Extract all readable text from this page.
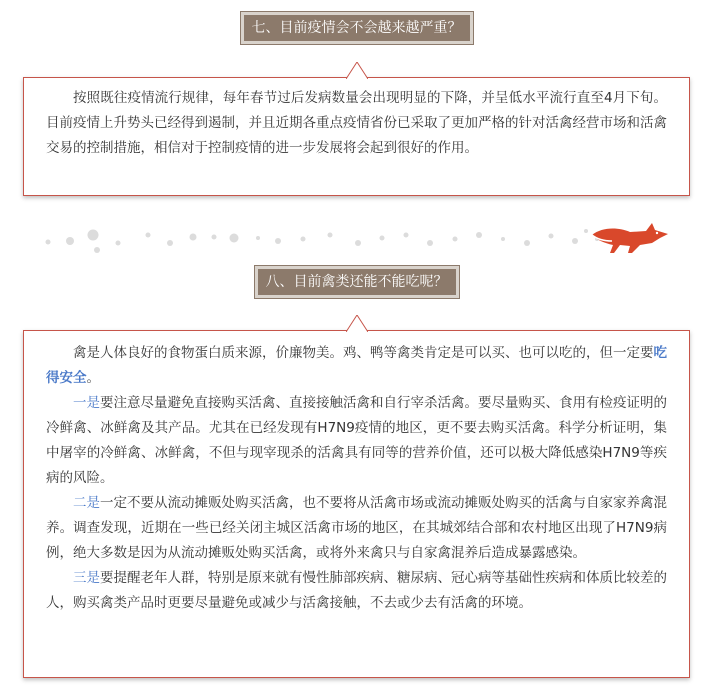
七、目前疫情会不会越来越严重？

按照既往疫情流行规律，每年春节过后发病数量会出现明显的下降，并呈低水平流行直至4月下旬。目前疫情上升势头已经得到遏制，并且近期各重点疫情省份已采取了更加严格的针对活禽经营市场和活禽交易的控制措施，相信对于控制疫情的进一步发展将会起到很好的作用。

八、目前禽类还能不能吃呢？

禽是人体良好的食物蛋白质来源，价廉物美。鸡、鸭等禽类肯定是可以买、也可以吃的，但一定要吃得安全。

一是要注意尽量避免直接购买活禽、直接接触活禽和自行宰杀活禽。要尽量购买、食用有检疫证明的冷鲜禽、冰鲜禽及其产品。尤其在已经发现有H7N9疫情的地区，更不要去购买活禽。科学分析证明，集中屠宰的冷鲜禽、冰鲜禽，不但与现宰现杀的活禽具有同等的营养价值，还可以极大降低感染H7N9等疾病的风险。

二是一定不要从流动摊贩处购买活禽，也不要将从活禽市场或流动摊贩处购买的活禽与自家家养禽混养。调查发现，近期在一些已经关闭主城区活禽市场的地区，在其城郊结合部和农村地区出现了H7N9病例，绝大多数是因为从流动摊贩处购买活禽，或将外来禽只与自家禽混养后造成暴露感染。

三是要提醒老年人群，特别是原来就有慢性肺部疾病、糖尿病、冠心病等基础性疾病和体质比较差的人，购买禽类产品时更要尽量避免或减少与活禽接触，不去或少去有活禽的环境。
